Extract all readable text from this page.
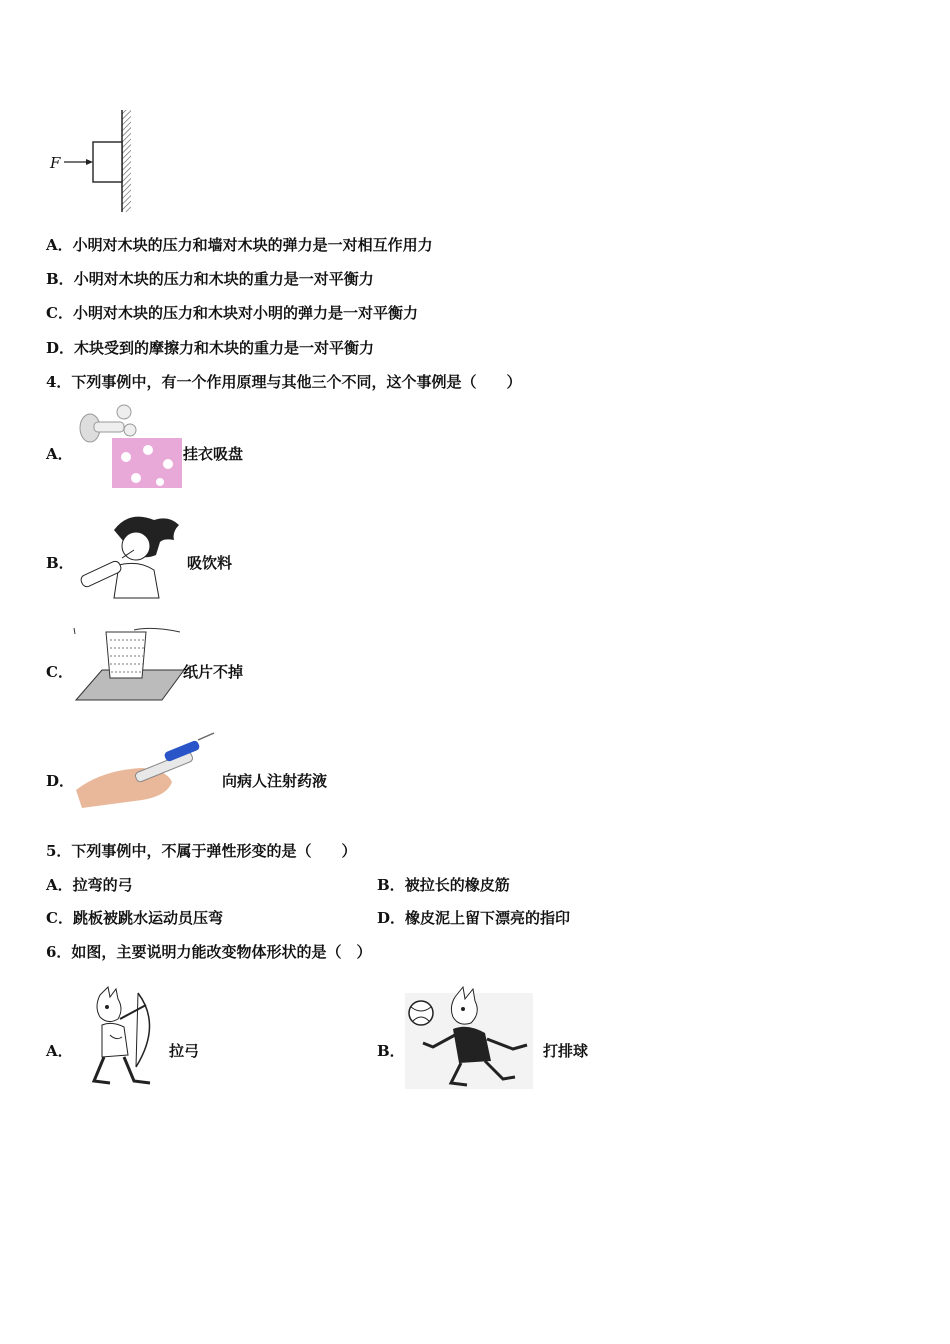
F
A．小明对木块的压力和墙对木块的弹力是一对相互作用力
B．小明对木块的压力和木块的重力是一对平衡力
C．小明对木块的压力和木块对小明的弹力是一对平衡力
D．木块受到的摩擦力和木块的重力是一对平衡力
4．下列事例中，有一个作用原理与其他三个不同，这个事例是（　　）
A．	挂衣吸盘
B．	吸饮料
C．	纸片不掉
D．	向病人注射药液
5．下列事例中，不属于弹性形变的是（　　）
A．拉弯的弓	B．被拉长的橡皮筋
C．跳板被跳水运动员压弯	D．橡皮泥上留下漂亮的指印
6．如图，主要说明力能改变物体形状的是（　）
A．	拉弓	B．	打排球
